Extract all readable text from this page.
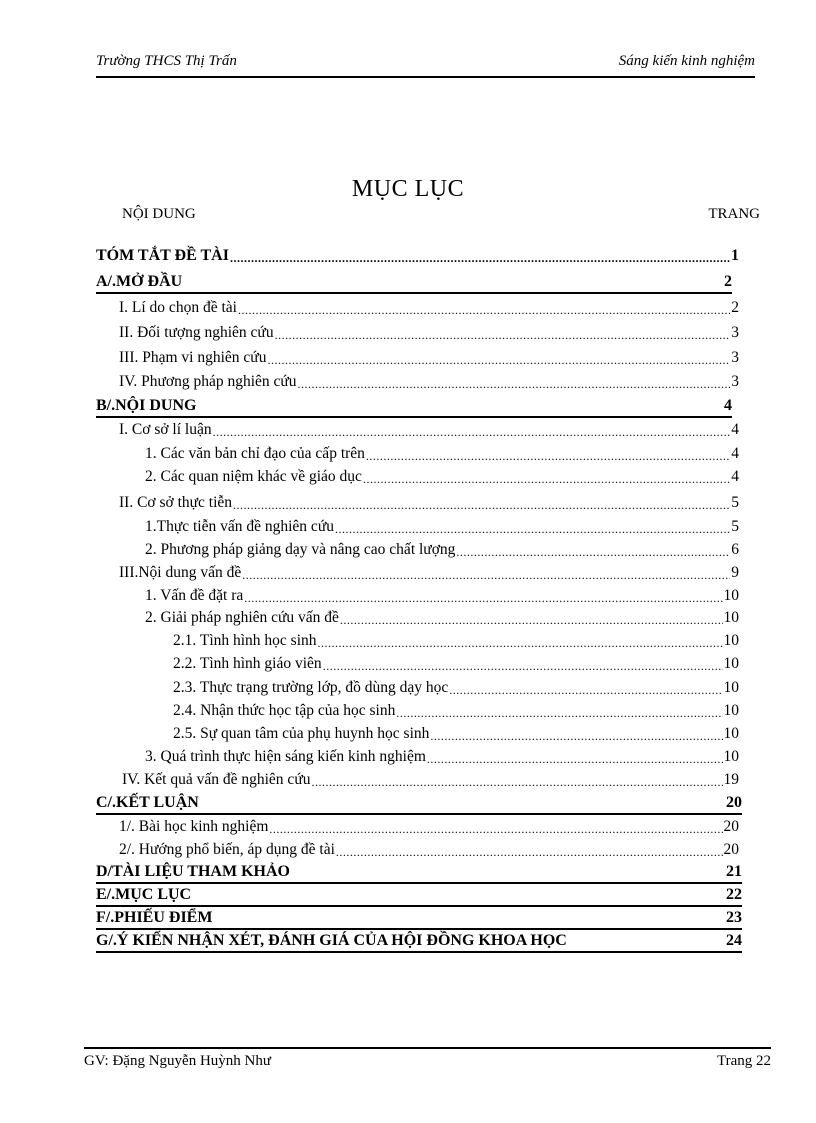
Trường THCS Thị Trấn	Sáng kiến kinh nghiệm
MỤC LỤC
NỘI DUNG	TRANG
TÓM TẮT ĐỀ TÀI .....	1
A/.MỞ ĐẦU	2
I. Lí do chọn đề tài .....	2
II. Đối tượng nghiên cứu .....	3
III. Phạm vi nghiên cứu .....	3
IV. Phương pháp nghiên cứu .....	3
B/.NỘI DUNG	4
I. Cơ sở lí luận .....	4
1. Các văn bản chỉ đạo của cấp trên .....	4
2. Các quan niệm khác về giáo dục .....	4
II. Cơ sở thực tiễn .....	5
1.Thực tiễn vấn đề nghiên cứu .....	5
2. Phương pháp giảng dạy và nâng cao chất lượng .....	6
III.Nội dung vấn đề .....	9
1. Vấn đề đặt ra .....	10
2. Giải pháp nghiên cứu vấn đề .....	10
2.1. Tình hình học sinh .....	10
2.2. Tình hình giáo viên .....	10
2.3. Thực trạng trường lớp, đồ dùng dạy học .....	10
2.4. Nhận thức học tập của học sinh .....	10
2.5. Sự quan tâm của phụ huynh học sinh .....	10
3. Quá trình thực hiện sáng kiến kinh nghiệm .....	10
IV. Kết quả vấn đề nghiên cứu .....	19
C/.KẾT LUẬN	20
1/. Bài học kinh nghiệm .....	20
2/. Hướng phổ biến, áp dụng đề tài .....	20
D/TÀI LIỆU THAM KHẢO	21
E/.MỤC LỤC	22
F/.PHIẾU ĐIỂM	23
G/.Ý KIẾN NHẬN XÉT, ĐÁNH GIÁ CỦA HỘI ĐỒNG KHOA HỌC	24
GV: Đặng Nguyễn Huỳnh Như	Trang 22
